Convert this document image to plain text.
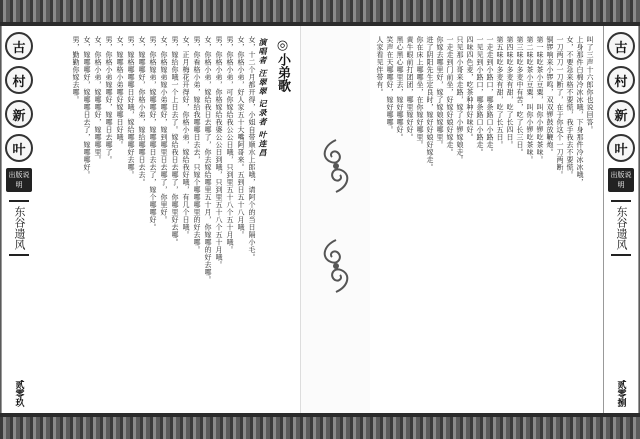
古
村
新
叶
出版说明
东谷遗风
贰零玖
◎小弟歌
演唱者 汪翠翠 记录者 叶连昌
女，十二个月都开得，小姐自带顺水上郎哦，请阿个的当日隔小毛。
女，你格小弟，好人家五十大嘴阿哥来。五到日五十八月哦。
男，你格小弟，可你嫁给我公公日哦，只到里五十八个五十月哦。
男，你格小弟，你格嫁给我婆公公日到哦，只到里五十八个五十月哦。
女，你格小弟，嫁给我日去哪了，你去嫁给哪里五十月，你嫁哪的好去哪。
男，你看格小弟，嫁给我哪哪日去去，只嫁个哪哪哪里的好去哪。
女，正月梅花开得好，你格小弟，嫁给我好哦，有几个日哦。
男，嫁给你哦一个上日去了。嫁给我日去哪了，你哪里好去哪。
女，你格嫁弟嫁小弟哪好，嫁到哪里日去哪了，你里好。
男，你格嫁弟，嫁哪哪好，嫁哪哪日去去了，嫁个哪哪好。
女，嫁哪哪好，你格小弟，嫁给哪哪日去去。
男，嫁格哪哪哪日好哦，嫁给哪哪好去哪。
女，嫁哪格小弟哪好嫁哪日好哦。
男，你格小弟嫁哪好，嫁哪日去哪了。
女，你格小弟，嫁哪哪好，嫁哪哪里。
女，嫁哪哪好，嫁哪哪日去了，嫁哪哪好。
男，勤勤你嫁去哪。	叫了三声十六郎你也说回答。
上身那件白棉冷冰冰哦，下身那件冷冰冰哦，
女，不要急来格不要慌，我手我去不要慌。
一刀两刀一刀断了，在于你这个一刀两断。
铜锣响来小锣鸣，双双锣鼓放鞭炮。
第一味吃茶小豆粟，叫你小锣吃茶味。
第二味吃茶小豆粟，叫你小锣吃茶味。
第三味吃多麦中有苦，吃了长三日。
第四味吃多麦有甜，吃了长四日。
第五味吃多麦有甜，吃了长五日。
一走走到小路口，哪条路口小路走。
一见见到小路口，哪条路口小路走。
四味四色麦，吃茶种种好味好。
只见那小哥来走路，嫁了小锣嫁娘走。
一走走到门前坐，好嫁好娘好嫁走。
你嫁去哪里好，嫁了嫁娘嫁哪里。
进了阴阳先生定良时，嫁好好娘好嫁走。
你在床上哪哪坐，在你嫁好哪里。
黄牛眼前打团团，哪里嫁好好。
黑心黑心哪里去，嫁好哪哪好。
笑声在天哪哪好，嫁好哪哪。
人家看见伴带有。	古
村
新
叶
出版说明
东谷遗风
贰零捌
